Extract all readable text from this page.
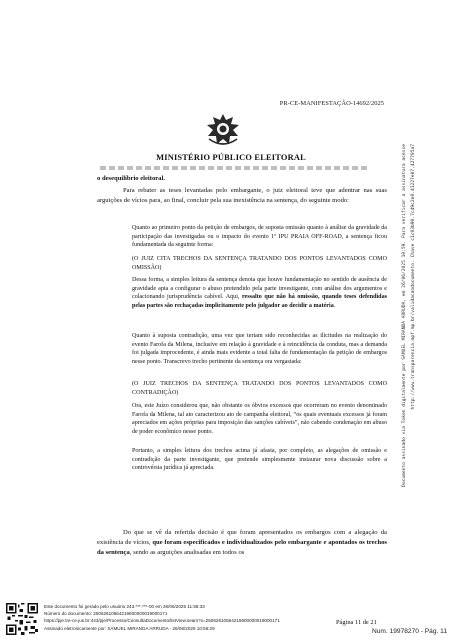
PR-CE-MANIFESTAÇÃO-14692/2025
MINISTÉRIO PÚBLICO ELEITORAL
o desequilíbrio eleitoral.
Para rebater as teses levantadas pelo embargante, o juiz eleitoral teve que adentrar nas suas arguições de vícios para, ao final, concluir pela sua inexistência na sentença, do seguinte modo:
Quanto ao primeiro ponto da petição de embargos, de suposta omissão quanto à análise da gravidade da participação das investigadas ou o impacto do evento 1º IPU PRAIA OFF-ROAD, a sentença ficou fundamentada da seguinte forma:
(O JUIZ CITA TRECHOS DA SENTENÇA TRATANDO DOS PONTOS LEVANTADOS COMO OMISSÃO)
Dessa forma, a simples leitura da sentença denota que houve fundamentação no sentido de ausência de gravidade apta a configurar o abuso pretendido pela parte investigante, com análise dos argumentos e colacionando jurisprudência cabível. Aqui, ressalto que não há omissão, quando teses defendidas pelas partes são rechaçadas implicitamente pelo julgador ao decidir a matéria.
Quanto à suposta contradição, uma vez que teriam sido reconhecidas as ilicitudes na realização do evento Farofa da Milena, inclusive em relação à gravidade e à reincidência da conduta, mas a demanda foi julgada improcedente, é ainda mais evidente a total falta de fundamentação da petição de embargos nesse ponto. Transcrevo trecho pertinente da sentença ora vergastada:
(O JUIZ TRECHOS DA SENTENÇA TRATANDO DOS PONTOS LEVANTADOS COMO CONTRADIÇÃO)
Ora, este Juízo considerou que, não obstante os óbvios excessos que ocorreram no evento denominado Farofa da Milena, tal ato caracterizou ato de campanha eleitoral, “os quais eventuais excessos já foram apreciados em ações próprias para imposição das sanções cabíveis”, não cabendo condenação em abuso de poder econômico nesse ponto.
Portanto, a simples leitura dos trechos acima já afasta, por completo, as alegações de omissão e contradição da parte investigante, que pretende simplesmente instaurar nova discussão sobre a controvérsia jurídica já apreciada.
Do que se vê da referida decisão é que foram apresentados os embargos com a alegação da existência de vícios, que foram especificados e individualizados pelo embargante e apontados os trechos da sentença, sendo as arguições analisadas em todos os
Página 11 de 21
Documento assinado via Token digitalmente por SAMUEL MIRANDA ARRUDA, em 26/06/2025 10:59. Para verificar a assinatura acesse http://www.transparencia.mpf.mp.br/validacaodocumento. Chave c1c03b90.7c49c2e0.41227e07.427705a7
Este documento foi gerado pelo usuário 243.***.***-00 em 26/06/2025 11:58:33
Número do documento: 25062610564219600000019000171
https://pje.tre-ce.jus.br:443/pje/Processo/ConsultaDocumento/listView.seam?x=25062610564219600000019000171
Assinado eletronicamente por: SAMUEL MIRANDA ARRUDA - 26/06/2025 10:56:29	Num. 19978270 - Pág. 11
